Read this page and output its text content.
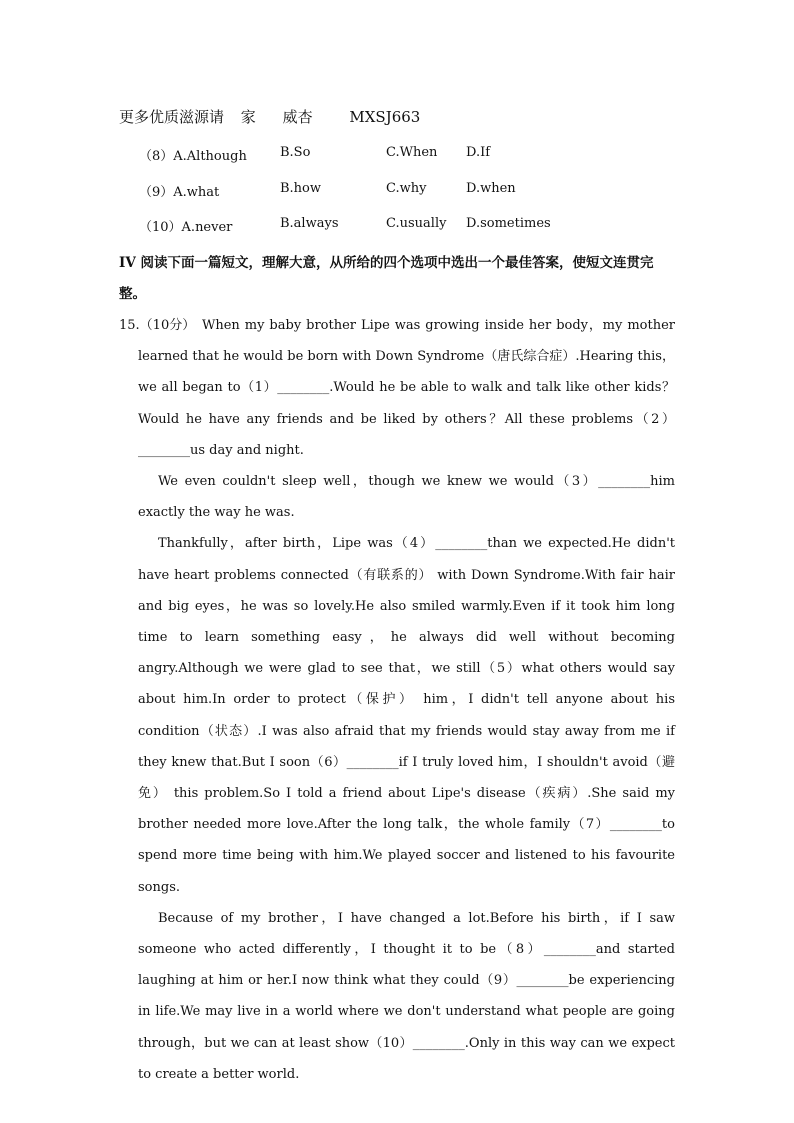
更多优质滋源请 家 威杏 MXSJ663
（8）A.Although	B.So	C.When D.If
（9）A.what	B.how	C.why	D.when
（10）A.never	B.always	C.usually D.sometimes
IV 阅读下面一篇短文，理解大意，从所给的四个选项中选出一个最佳答案，使短文连贯完整。

15.（10分） When my baby brother Lipe was growing inside her body，my mother learned that he would be born with Down Syndrome（唐氏综合症）.Hearing this，we all began to（1）________.Would he be able to walk and talk like other kids？Would he have any friends and be liked by others？All these problems（2）________us day and night.

We even couldn't sleep well，though we knew we would（3）________him exactly the way he was.

Thankfully，after birth，Lipe was（4）________than we expected.He didn't have heart problems connected（有联系的） with Down Syndrome.With fair hair and big eyes，he was so lovely.He also smiled warmly.Even if it took him long time to learn something easy，he always did well without becoming angry.Although we were glad to see that，we still（5）what others would say about him.In order to protect（保护） him，I didn't tell anyone about his condition（状态）.I was also afraid that my friends would stay away from me if they knew that.But I soon（6）________if I truly loved him，I shouldn't avoid（避免） this problem.So I told a friend about Lipe's disease（疾病）.She said my brother needed more love.After the long talk，the whole family（7）________to spend more time being with him.We played soccer and listened to his favourite songs.

Because of my brother，I have changed a lot.Before his birth，if I saw someone who acted differently，I thought it to be（8）________and started laughing at him or her.I now think what they could（9）________be experiencing in life.We may live in a world where we don't understand what people are going through，but we can at least show（10）________.Only in this way can we expect to create a better world.
